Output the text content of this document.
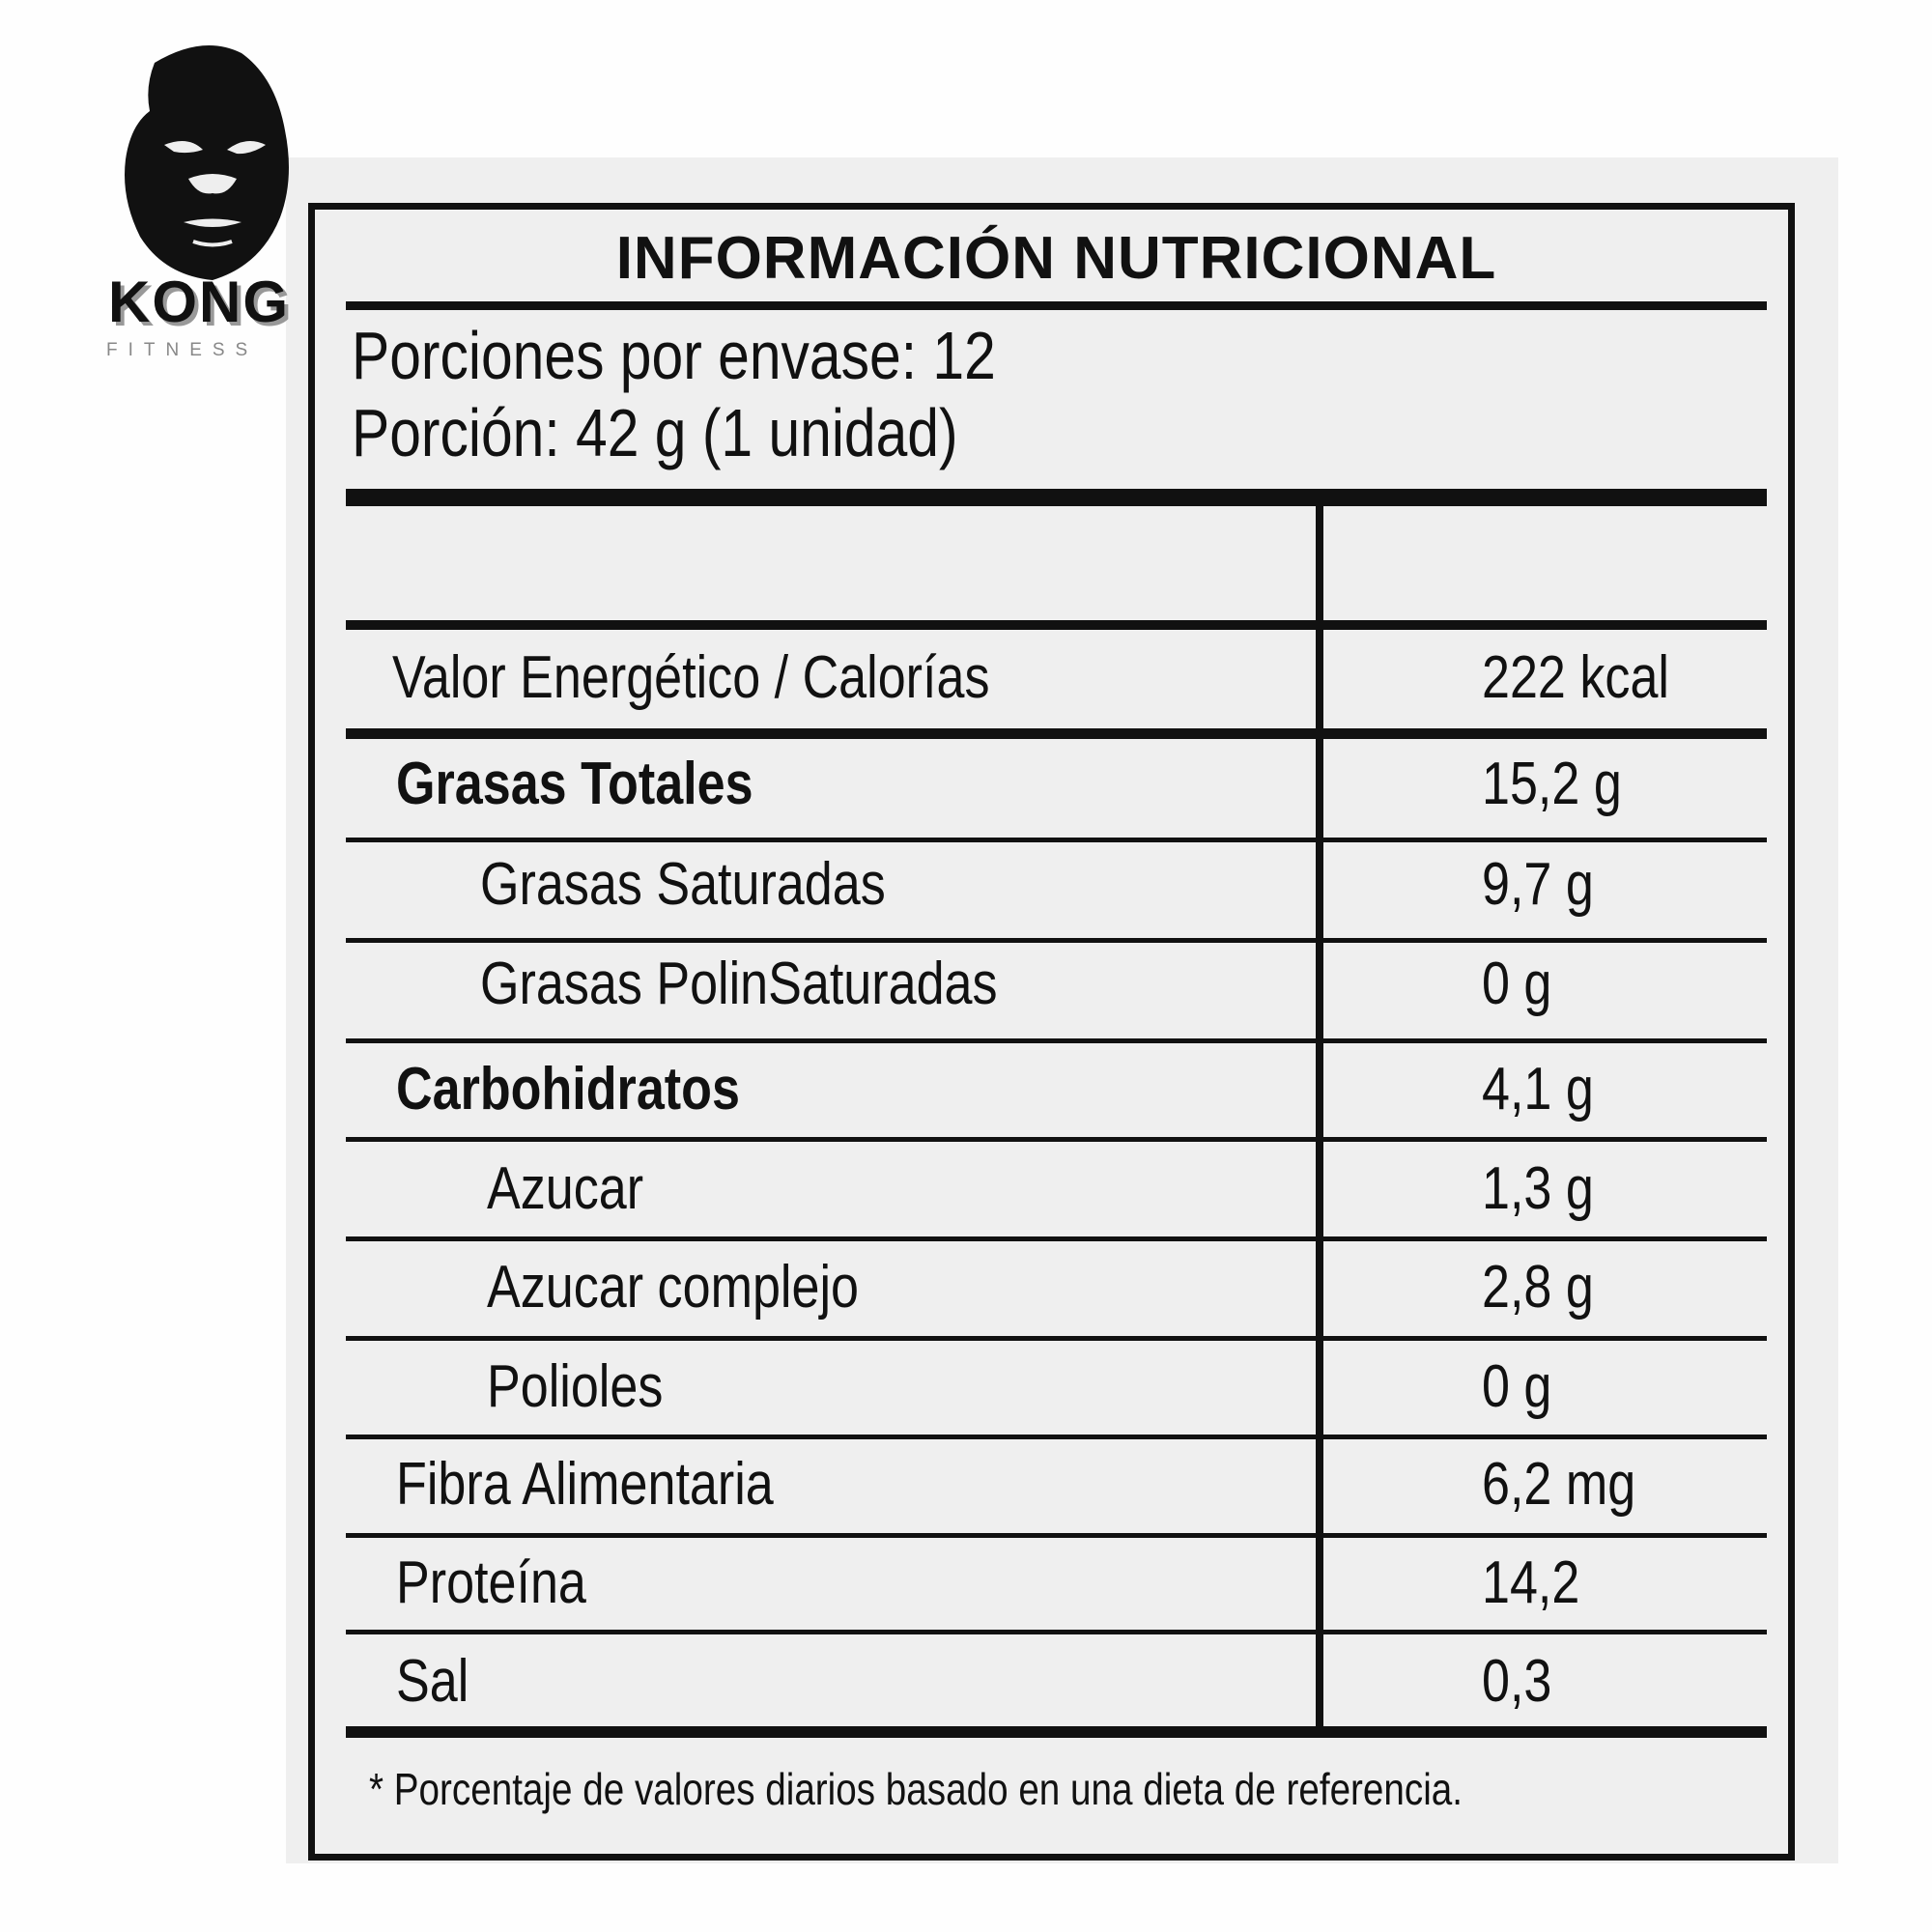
KONG
FITNESS
INFORMACIÓN NUTRICIONAL
Porciones por envase: 12
Porción: 42 g (1 unidad)
Valor Energético / Calorías	222 kcal
Grasas Totales	15,2 g
Grasas Saturadas	9,7 g
Grasas PolinSaturadas	0 g
Carbohidratos	4,1 g
Azucar	1,3 g
Azucar complejo	2,8 g
Polioles	0 g
Fibra Alimentaria	6,2 mg
Proteína	14,2
Sal	0,3
* Porcentaje de valores diarios basado en una dieta de referencia.
